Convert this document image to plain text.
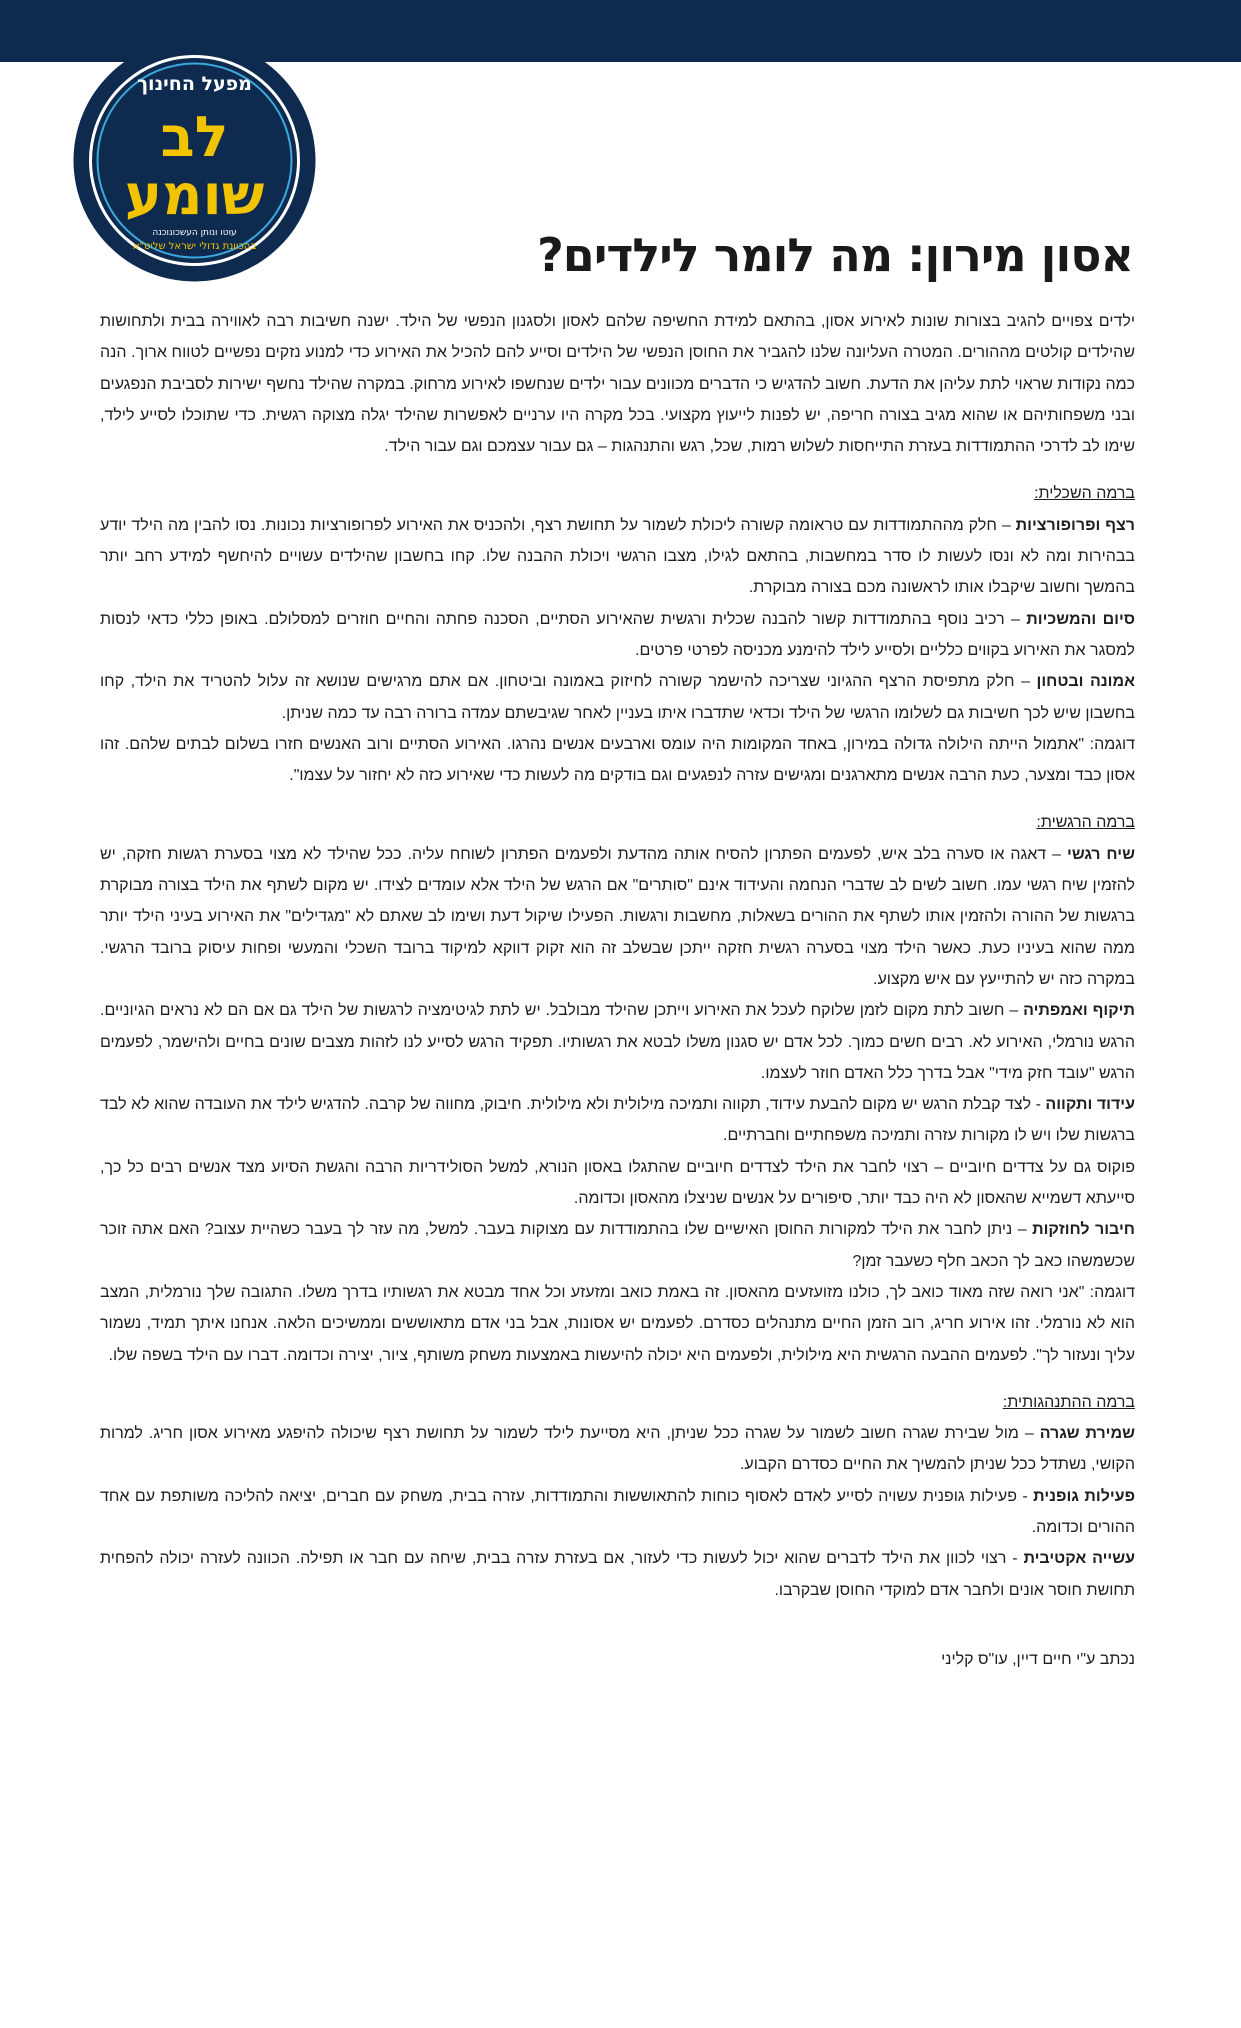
מפעל החינוך
לב
שומע
עוטו ונותן העשכונוכנה
בהכוונת גדולי ישראל שליט"א	אסון מירון: מה לומר לילדים?

ילדים צפויים להגיב בצורות שונות לאירוע אסון, בהתאם למידת החשיפה שלהם לאסון ולסגנון הנפשי של הילד. ישנה חשיבות רבה לאווירה בבית ולתחושות שהילדים קולטים מההורים. המטרה העליונה שלנו להגביר את החוסן הנפשי של הילדים וסייע להם להכיל את האירוע כדי למנוע נזקים נפשיים לטווח ארוך. הנה כמה נקודות שראוי לתת עליהן את הדעת. חשוב להדגיש כי הדברים מכוונים עבור ילדים שנחשפו לאירוע מרחוק. במקרה שהילד נחשף ישירות לסביבת הנפגעים ובני משפחותיהם או שהוא מגיב בצורה חריפה, יש לפנות לייעוץ מקצועי. בכל מקרה היו ערניים לאפשרות שהילד יגלה מצוקה רגשית. כדי שתוכלו לסייע לילד, שימו לב לדרכי ההתמודדות בעזרת התייחסות לשלוש רמות, שכל, רגש והתנהגות – גם עבור עצמכם וגם עבור הילד.

ברמה השכלית:

רצף ופרופורציות – חלק מההתמודדות עם טראומה קשורה ליכולת לשמור על תחושת רצף, ולהכניס את האירוע לפרופורציות נכונות. נסו להבין מה הילד יודע בבהירות ומה לא ונסו לעשות לו סדר במחשבות, בהתאם לגילו, מצבו הרגשי ויכולת ההבנה שלו. קחו בחשבון שהילדים עשויים להיחשף למידע רחב יותר בהמשך וחשוב שיקבלו אותו לראשונה מכם בצורה מבוקרת.

סיום והמשכיות – רכיב נוסף בהתמודדות קשור להבנה שכלית ורגשית שהאירוע הסתיים, הסכנה פחתה והחיים חוזרים למסלולם. באופן כללי כדאי לנסות למסגר את האירוע בקווים כלליים ולסייע לילד להימנע מכניסה לפרטי פרטים.

אמונה ובטחון – חלק מתפיסת הרצף ההגיוני שצריכה להישמר קשורה לחיזוק באמונה וביטחון. אם אתם מרגישים שנושא זה עלול להטריד את הילד, קחו בחשבון שיש לכך חשיבות גם לשלומו הרגשי של הילד וכדאי שתדברו איתו בעניין לאחר שגיבשתם עמדה ברורה רבה עד כמה שניתן.

דוגמה: "אתמול הייתה הילולה גדולה במירון, באחד המקומות היה עומס וארבעים אנשים נהרגו. האירוע הסתיים ורוב האנשים חזרו בשלום לבתים שלהם. זהו אסון כבד ומצער, כעת הרבה אנשים מתארגנים ומגישים עזרה לנפגעים וגם בודקים מה לעשות כדי שאירוע כזה לא יחזור על עצמו".

ברמה הרגשית:

שיח רגשי – דאגה או סערה בלב איש, לפעמים הפתרון להסיח אותה מהדעת ולפעמים הפתרון לשוחח עליה. ככל שהילד לא מצוי בסערת רגשות חזקה, יש להזמין שיח רגשי עמו. חשוב לשים לב שדברי הנחמה והעידוד אינם "סותרים" אם הרגש של הילד אלא עומדים לצידו. יש מקום לשתף את הילד בצורה מבוקרת ברגשות של ההורה ולהזמין אותו לשתף את ההורים בשאלות, מחשבות ורגשות. הפעילו שיקול דעת ושימו לב שאתם לא "מגדילים" את האירוע בעיני הילד יותר ממה שהוא בעיניו כעת. כאשר הילד מצוי בסערה רגשית חזקה ייתכן שבשלב זה הוא זקוק דווקא למיקוד ברובד השכלי והמעשי ופחות עיסוק ברובד הרגשי. במקרה כזה יש להתייעץ עם איש מקצוע.

תיקוף ואמפתיה – חשוב לתת מקום לזמן שלוקח לעכל את האירוע וייתכן שהילד מבולבל. יש לתת לגיטימציה לרגשות של הילד גם אם הם לא נראים הגיוניים. הרגש נורמלי, האירוע לא. רבים חשים כמוך. לכל אדם יש סגנון משלו לבטא את רגשותיו. תפקיד הרגש לסייע לנו לזהות מצבים שונים בחיים ולהישמר, לפעמים הרגש "עובד חזק מידי" אבל בדרך כלל האדם חוזר לעצמו.

עידוד ותקווה - לצד קבלת הרגש יש מקום להבעת עידוד, תקווה ותמיכה מילולית ולא מילולית. חיבוק, מחווה של קרבה. להדגיש לילד את העובדה שהוא לא לבד ברגשות שלו ויש לו מקורות עזרה ותמיכה משפחתיים וחברתיים.

פוקוס גם על צדדים חיוביים – רצוי לחבר את הילד לצדדים חיוביים שהתגלו באסון הנורא, למשל הסולידריות הרבה והגשת הסיוע מצד אנשים רבים כל כך, סייעתא דשמייא שהאסון לא היה כבד יותר, סיפורים על אנשים שניצלו מהאסון וכדומה.

חיבור לחוזקות – ניתן לחבר את הילד למקורות החוסן האישיים שלו בהתמודדות עם מצוקות בעבר. למשל, מה עזר לך בעבר כשהיית עצוב? האם אתה זוכר שכשמשהו כאב לך הכאב חלף כשעבר זמן?

דוגמה: "אני רואה שזה מאוד כואב לך, כולנו מזועזעים מהאסון. זה באמת כואב ומזעזע וכל אחד מבטא את רגשותיו בדרך משלו. התגובה שלך נורמלית, המצב הוא לא נורמלי. זהו אירוע חריג, רוב הזמן החיים מתנהלים כסדרם. לפעמים יש אסונות, אבל בני אדם מתאוששים וממשיכים הלאה. אנחנו איתך תמיד, נשמור עליך ונעזור לך". לפעמים ההבעה הרגשית היא מילולית, ולפעמים היא יכולה להיעשות באמצעות משחק משותף, ציור, יצירה וכדומה. דברו עם הילד בשפה שלו.

ברמה ההתנהגותית:

שמירת שגרה – מול שבירת שגרה חשוב לשמור על שגרה ככל שניתן, היא מסייעת לילד לשמור על תחושת רצף שיכולה להיפגע מאירוע אסון חריג. למרות הקושי, נשתדל ככל שניתן להמשיך את החיים כסדרם הקבוע.

פעילות גופנית - פעילות גופנית עשויה לסייע לאדם לאסוף כוחות להתאוששות והתמודדות, עזרה בבית, משחק עם חברים, יציאה להליכה משותפת עם אחד ההורים וכדומה.

עשייה אקטיבית - רצוי לכוון את הילד לדברים שהוא יכול לעשות כדי לעזור, אם בעזרת עזרה בבית, שיחה עם חבר או תפילה. הכוונה לעזרה יכולה להפחית תחושת חוסר אונים ולחבר אדם למוקדי החוסן שבקרבו.

נכתב ע"י חיים דיין, עו"ס קליני
